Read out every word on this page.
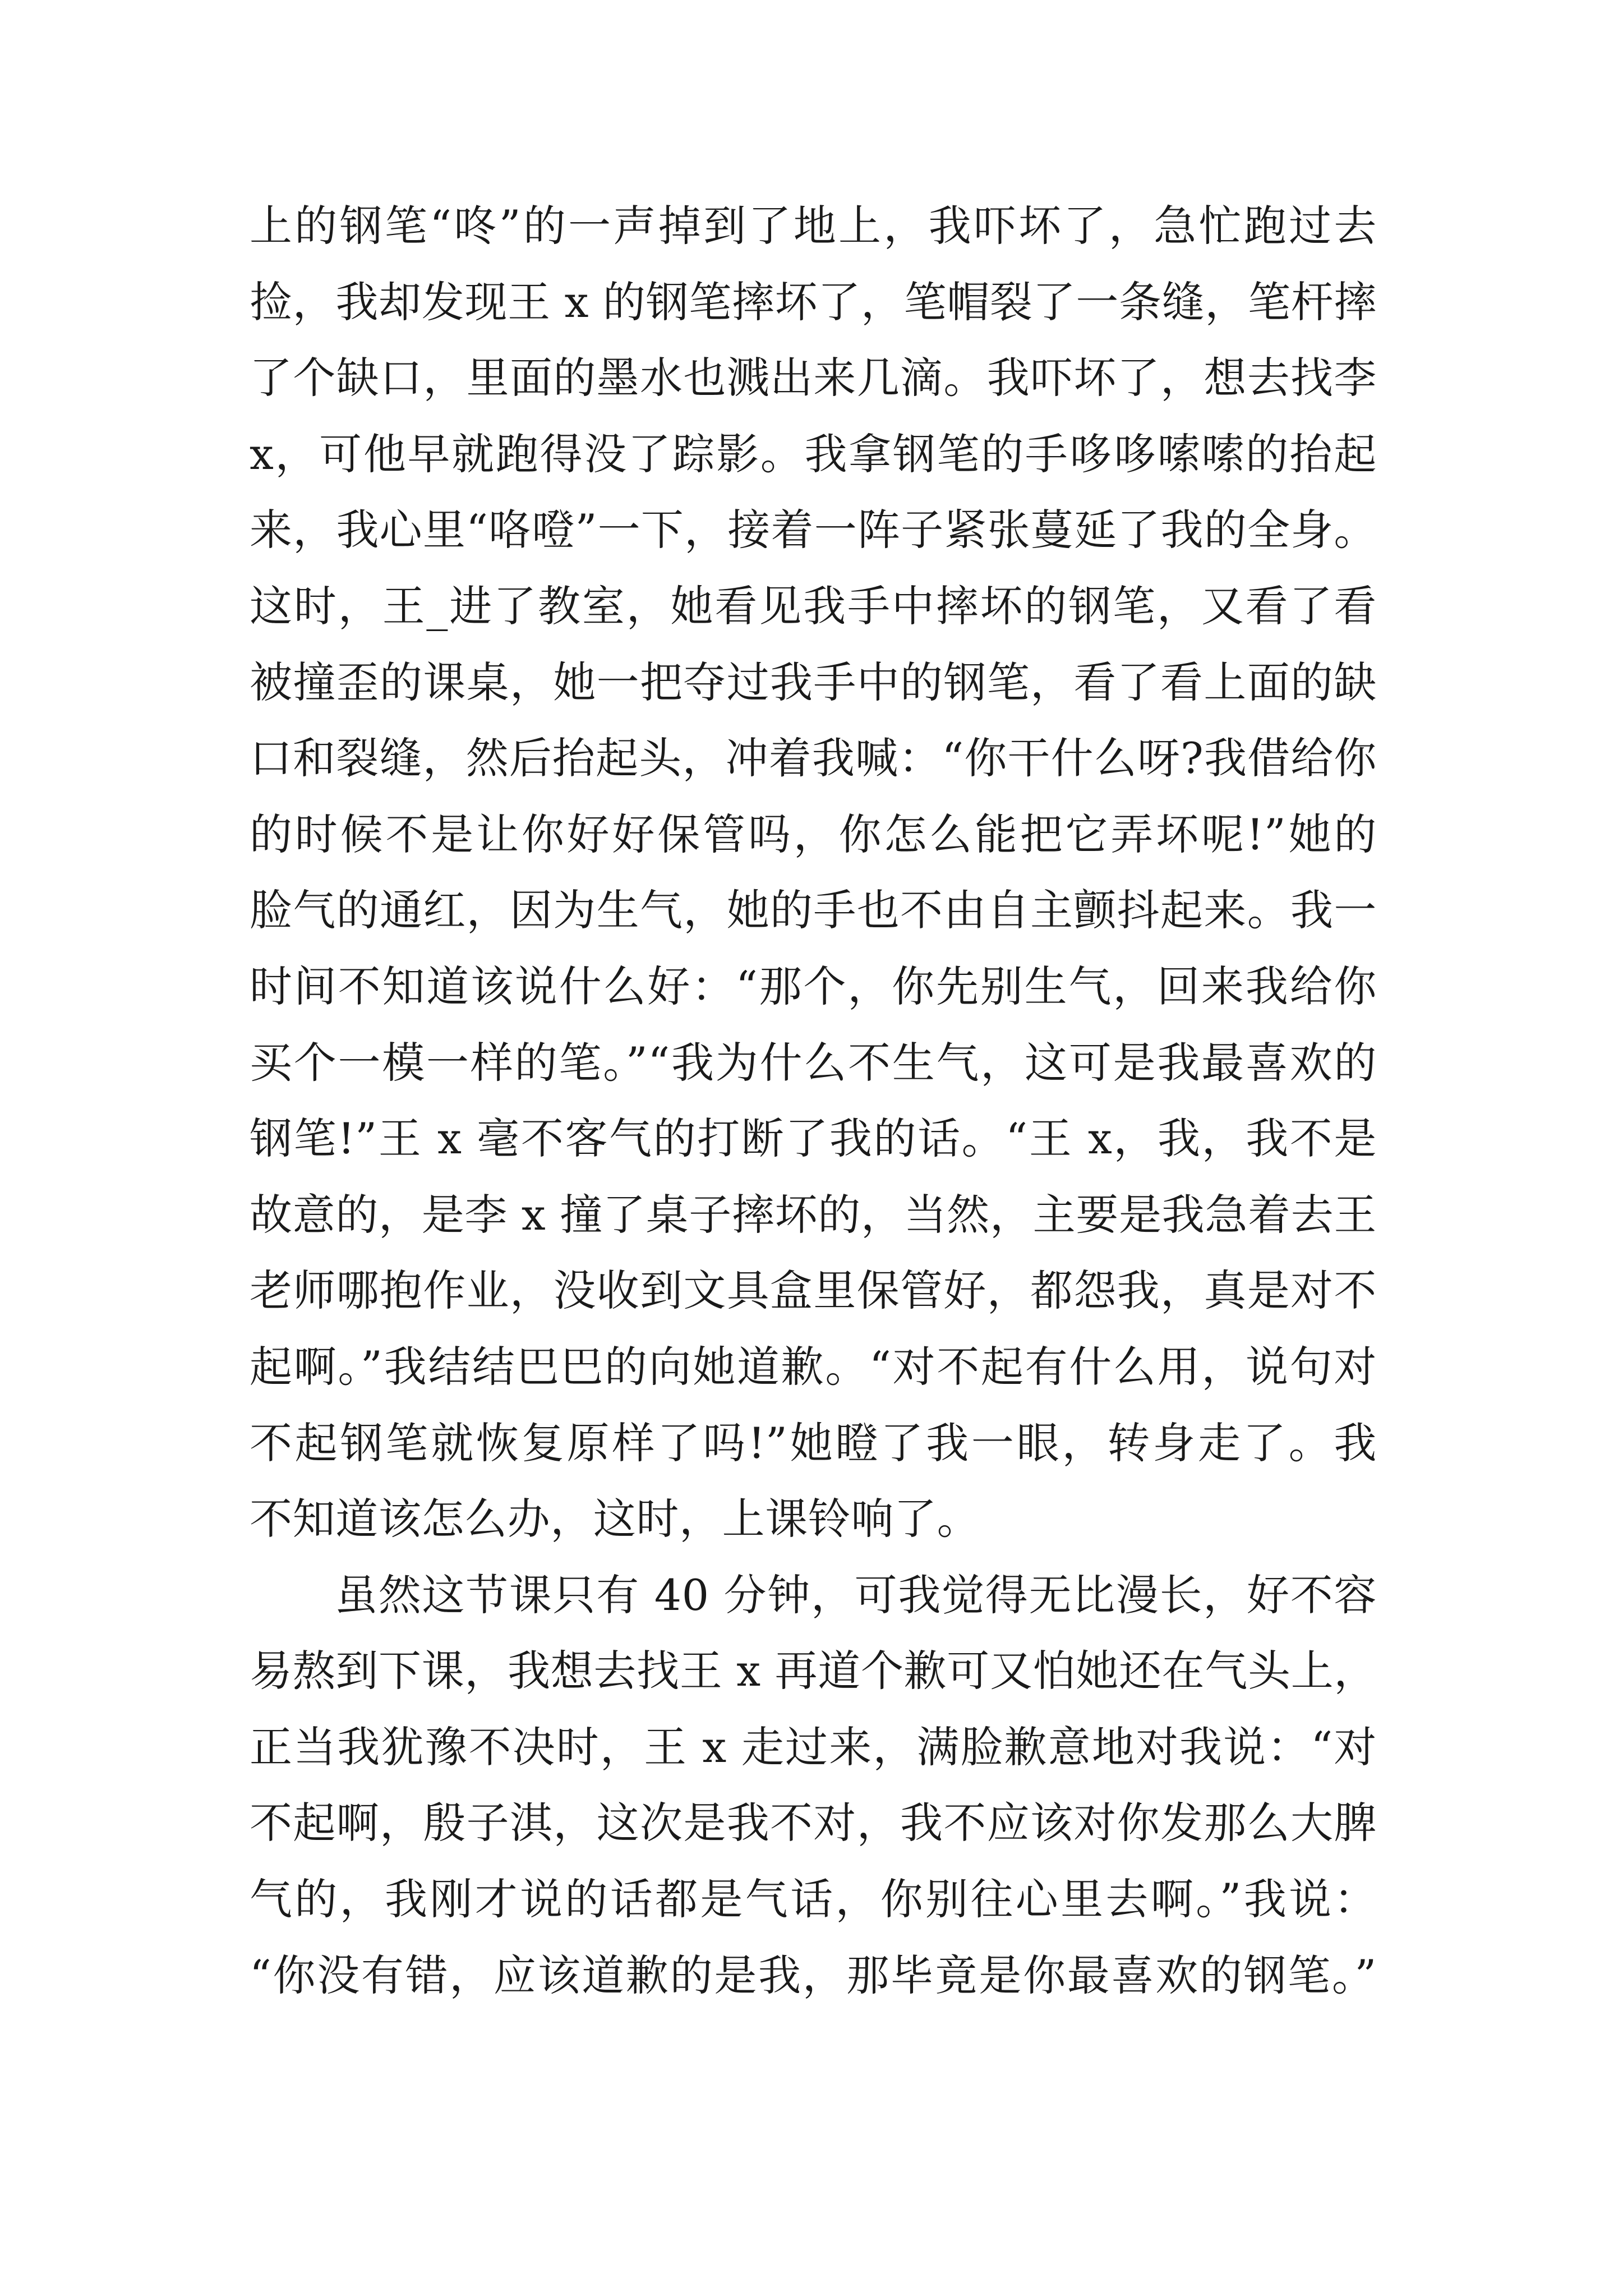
上的钢笔“咚”的一声掉到了地上，我吓坏了，急忙跑过去
捡，我却发现王 x 的钢笔摔坏了，笔帽裂了一条缝，笔杆摔
了个缺口，里面的墨水也溅出来几滴。我吓坏了，想去找李
x，可他早就跑得没了踪影。我拿钢笔的手哆哆嗦嗦的抬起
来，我心里“咯噔”一下，接着一阵子紧张蔓延了我的全身。
这时，王_进了教室，她看见我手中摔坏的钢笔，又看了看
被撞歪的课桌，她一把夺过我手中的钢笔，看了看上面的缺
口和裂缝，然后抬起头，冲着我喊：“你干什么呀?我借给你
的时候不是让你好好保管吗，你怎么能把它弄坏呢!”她的
脸气的通红，因为生气，她的手也不由自主颤抖起来。我一
时间不知道该说什么好：“那个，你先别生气，回来我给你
买个一模一样的笔。”“我为什么不生气，这可是我最喜欢的
钢笔!”王 x 毫不客气的打断了我的话。“王 x，我，我不是
故意的，是李 x 撞了桌子摔坏的，当然，主要是我急着去王
老师哪抱作业，没收到文具盒里保管好，都怨我，真是对不
起啊。”我结结巴巴的向她道歉。“对不起有什么用，说句对
不起钢笔就恢复原样了吗!”她瞪了我一眼，转身走了。我
不知道该怎么办，这时，上课铃响了。
虽然这节课只有 40 分钟，可我觉得无比漫长，好不容
易熬到下课，我想去找王 x 再道个歉可又怕她还在气头上，
正当我犹豫不决时，王 x 走过来，满脸歉意地对我说：“对
不起啊，殷子淇，这次是我不对，我不应该对你发那么大脾
气的，我刚才说的话都是气话，你别往心里去啊。”我说：
“你没有错，应该道歉的是我，那毕竟是你最喜欢的钢笔。”
